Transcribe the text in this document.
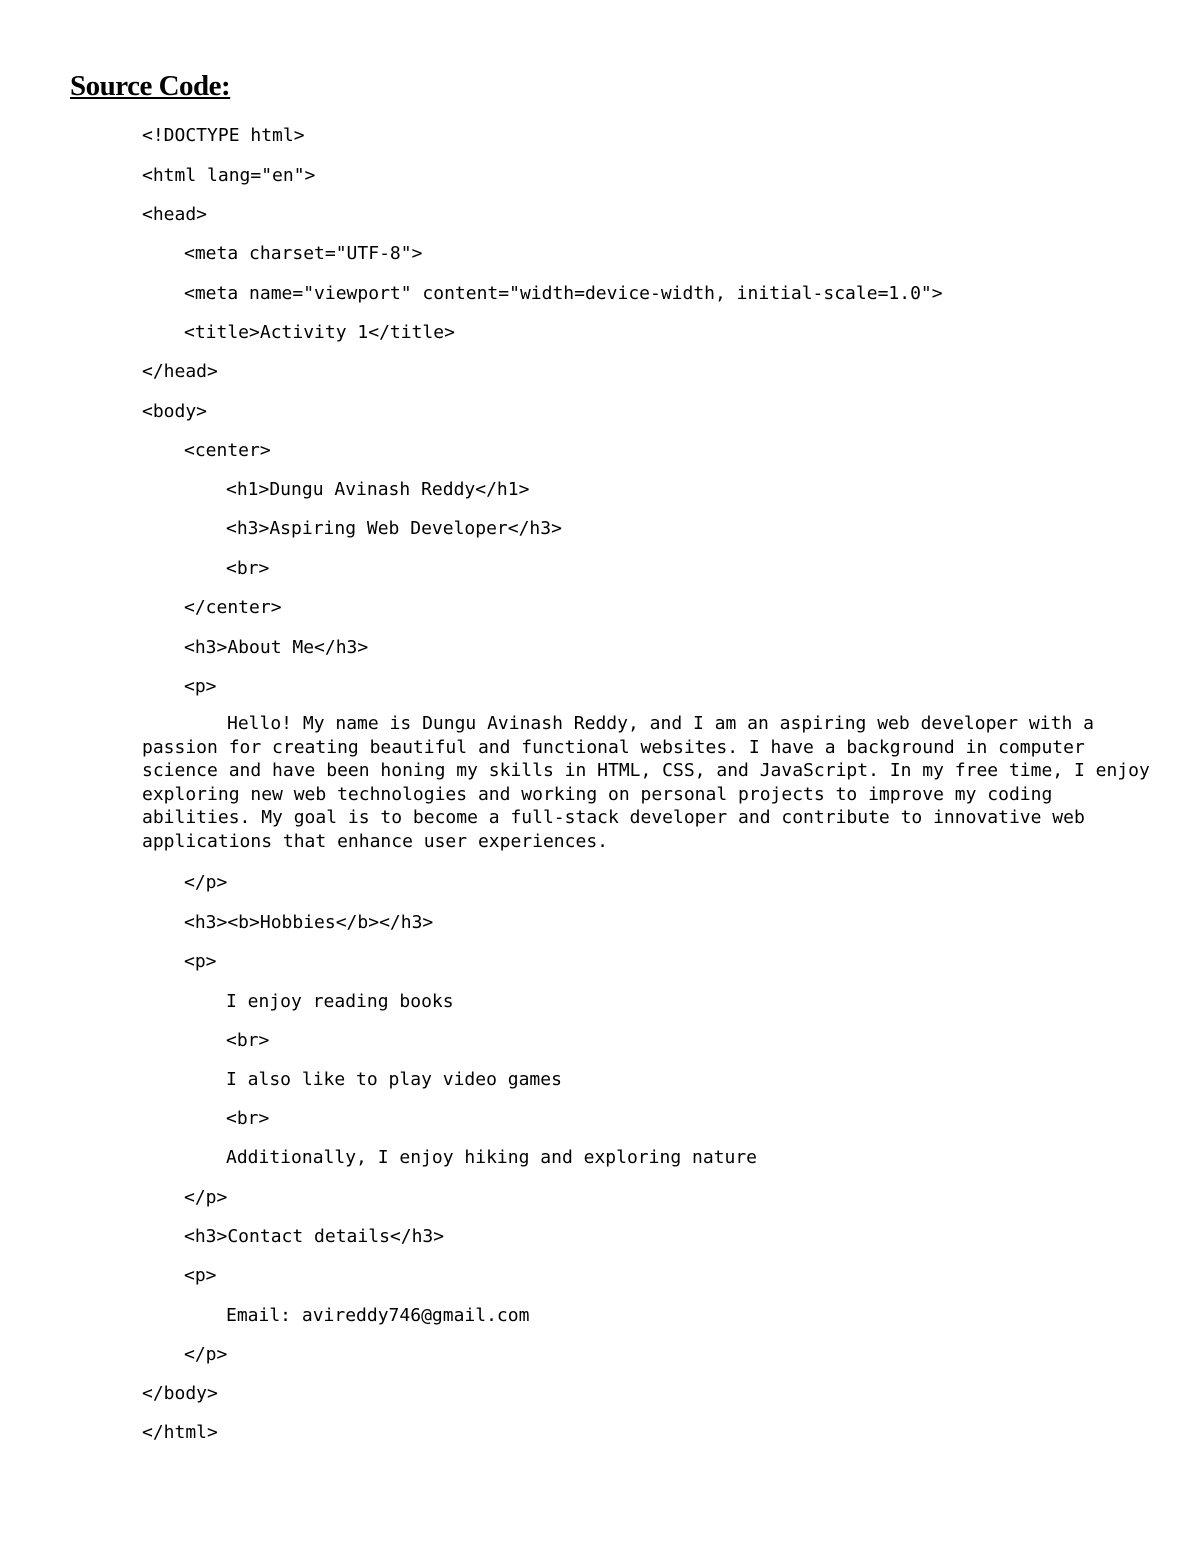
Source Code:
<!DOCTYPE html>
<html lang="en">
<head>
<meta charset="UTF-8">
<meta name="viewport" content="width=device-width, initial-scale=1.0">
<title>Activity 1</title>
</head>
<body>
<center>
<h1>Dungu Avinash Reddy</h1>
<h3>Aspiring Web Developer</h3>
<br>
</center>
<h3>About Me</h3>
<p>
Hello! My name is Dungu Avinash Reddy, and I am an aspiring web developer with a
passion for creating beautiful and functional websites. I have a background in computer
science and have been honing my skills in HTML, CSS, and JavaScript. In my free time, I enjoy
exploring new web technologies and working on personal projects to improve my coding
abilities. My goal is to become a full-stack developer and contribute to innovative web
applications that enhance user experiences.
</p>
<h3><b>Hobbies</b></h3>
<p>
I enjoy reading books
<br>
I also like to play video games
<br>
Additionally, I enjoy hiking and exploring nature
</p>
<h3>Contact details</h3>
<p>
Email: avireddy746@gmail.com
</p>
</body>
</html>
